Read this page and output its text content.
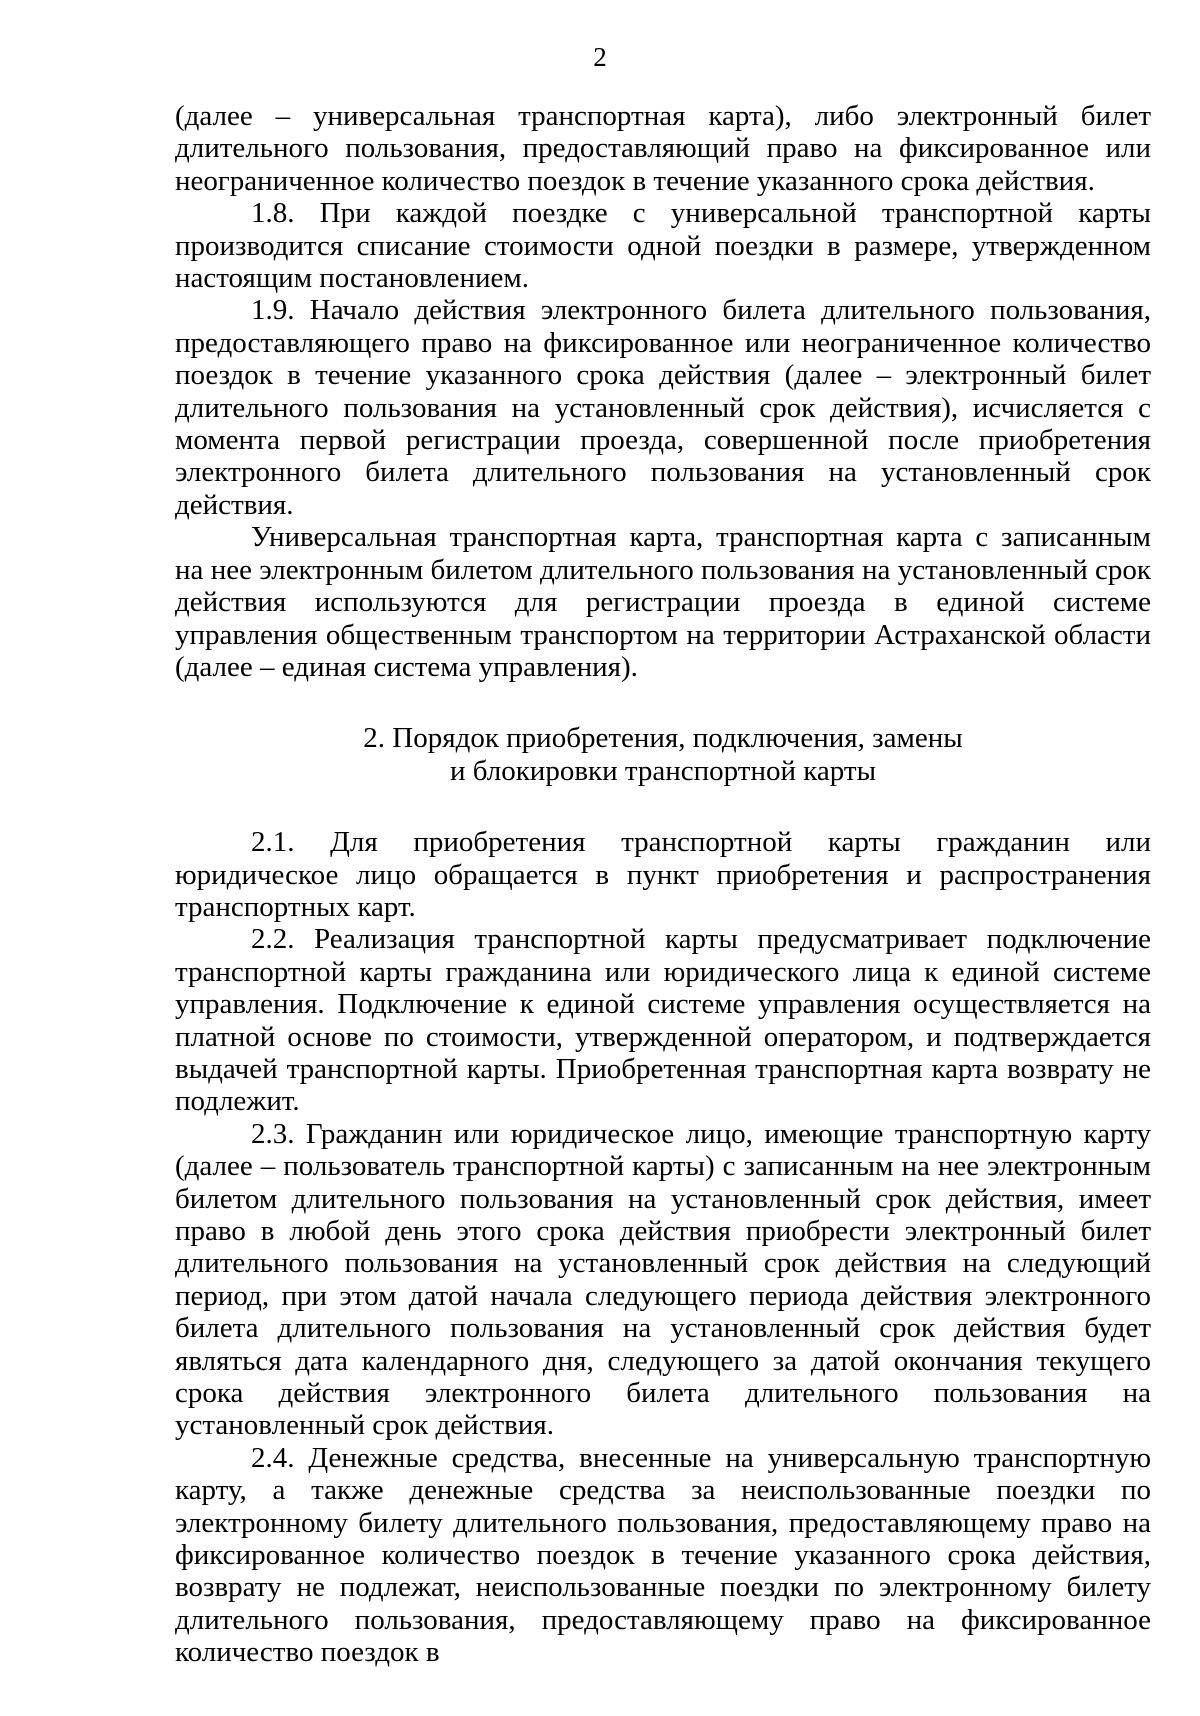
2

(далее – универсальная транспортная карта), либо электронный билет длительного пользования, предоставляющий право на фиксированное или неограниченное количество поездок в течение указанного срока действия.

1.8. При каждой поездке с универсальной транспортной карты производится списание стоимости одной поездки в размере, утвержденном настоящим постановлением.

1.9. Начало действия электронного билета длительного пользования, предоставляющего право на фиксированное или неограниченное количество поездок в течение указанного срока действия (далее – электронный билет длительного пользования на установленный срок действия), исчисляется с момента первой регистрации проезда, совершенной после приобретения электронного билета длительного пользования на установленный срок действия.

Универсальная транспортная карта, транспортная карта с записанным на нее электронным билетом длительного пользования на установленный срок действия используются для регистрации проезда в единой системе управления общественным транспортом на территории Астраханской области (далее – единая система управления).

2. Порядок приобретения, подключения, замены
и блокировки транспортной карты

2.1. Для приобретения транспортной карты гражданин или юридическое лицо обращается в пункт приобретения и распространения транспортных карт.

2.2. Реализация транспортной карты предусматривает подключение транспортной карты гражданина или юридического лица к единой системе управления. Подключение к единой системе управления осуществляется на платной основе по стоимости, утвержденной оператором, и подтверждается выдачей транспортной карты. Приобретенная транспортная карта возврату не подлежит.

2.3. Гражданин или юридическое лицо, имеющие транспортную карту (далее – пользователь транспортной карты) с записанным на нее электронным билетом длительного пользования на установленный срок действия, имеет право в любой день этого срока действия приобрести электронный билет длительного пользования на установленный срок действия на следующий период, при этом датой начала следующего периода действия электронного билета длительного пользования на установленный срок действия будет являться дата календарного дня, следующего за датой окончания текущего срока действия электронного билета длительного пользования на установленный срок действия.

2.4. Денежные средства, внесенные на универсальную транспортную карту, а также денежные средства за неиспользованные поездки по электронному билету длительного пользования, предоставляющему право на фиксированное количество поездок в течение указанного срока действия, возврату не подлежат, неиспользованные поездки по электронному билету длительного пользования, предоставляющему право на фиксированное количество поездок в
